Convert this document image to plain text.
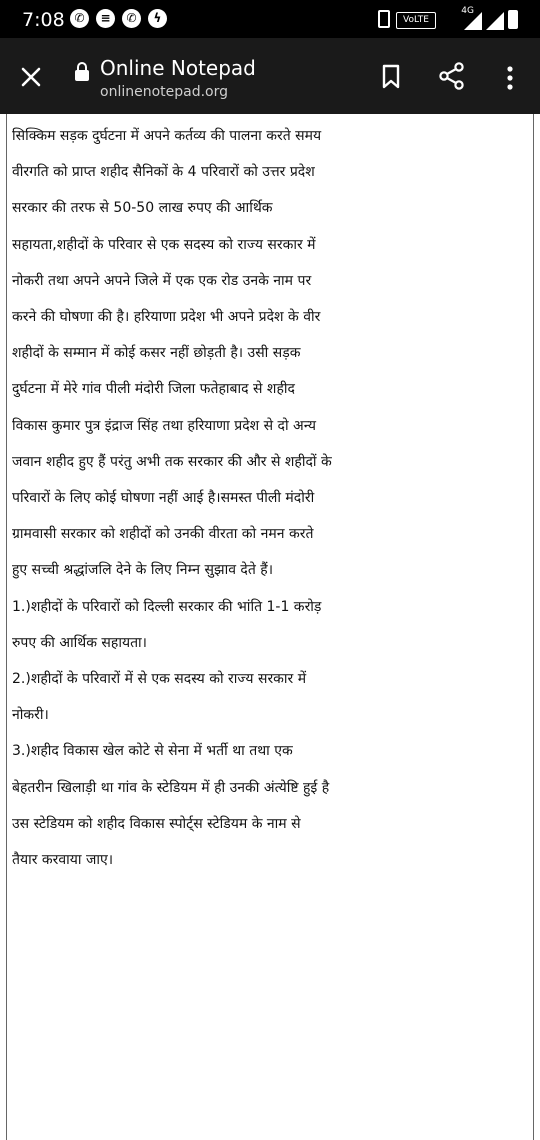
7:08 ✆	≡	✆	ϟ	VoLTE
4G
Online Notepad
onlinenotepad.org
सिक्किम सड़क दुर्घटना में अपने कर्तव्य की पालना करते समय
वीरगति को प्राप्त शहीद सैनिकों के 4 परिवारों को उत्तर प्रदेश
सरकार की तरफ से 50-50 लाख रुपए की आर्थिक
सहायता,शहीदों के परिवार से एक सदस्य को राज्य सरकार में
नोकरी तथा अपने अपने जिले में एक एक रोड उनके नाम पर
करने की घोषणा की है। हरियाणा प्रदेश भी अपने प्रदेश के वीर
शहीदों के सम्मान में कोई कसर नहीं छोड़ती है। उसी सड़क
दुर्घटना में मेरे गांव पीली मंदोरी जिला फतेहाबाद से शहीद
विकास कुमार पुत्र इंद्राज सिंह तथा हरियाणा प्रदेश से दो अन्य
जवान शहीद हुए हैं परंतु अभी तक सरकार की और से शहीदों के
परिवारों के लिए कोई घोषणा नहीं आई है।समस्त पीली मंदोरी
ग्रामवासी सरकार को शहीदों को उनकी वीरता को नमन करते
हुए सच्ची श्रद्धांजलि देने के लिए निम्न सुझाव देते हैं।
1.)शहीदों के परिवारों को दिल्ली सरकार की भांति 1-1 करोड़
रुपए की आर्थिक सहायता।
2.)शहीदों के परिवारों में से एक सदस्य को राज्य सरकार में
नोकरी।
3.)शहीद विकास खेल कोटे से सेना में भर्ती था तथा एक
बेहतरीन खिलाड़ी था गांव के स्टेडियम में ही उनकी अंत्येष्टि हुई है
उस स्टेडियम को शहीद विकास स्पोर्ट्स स्टेडियम के नाम से
तैयार करवाया जाए।
